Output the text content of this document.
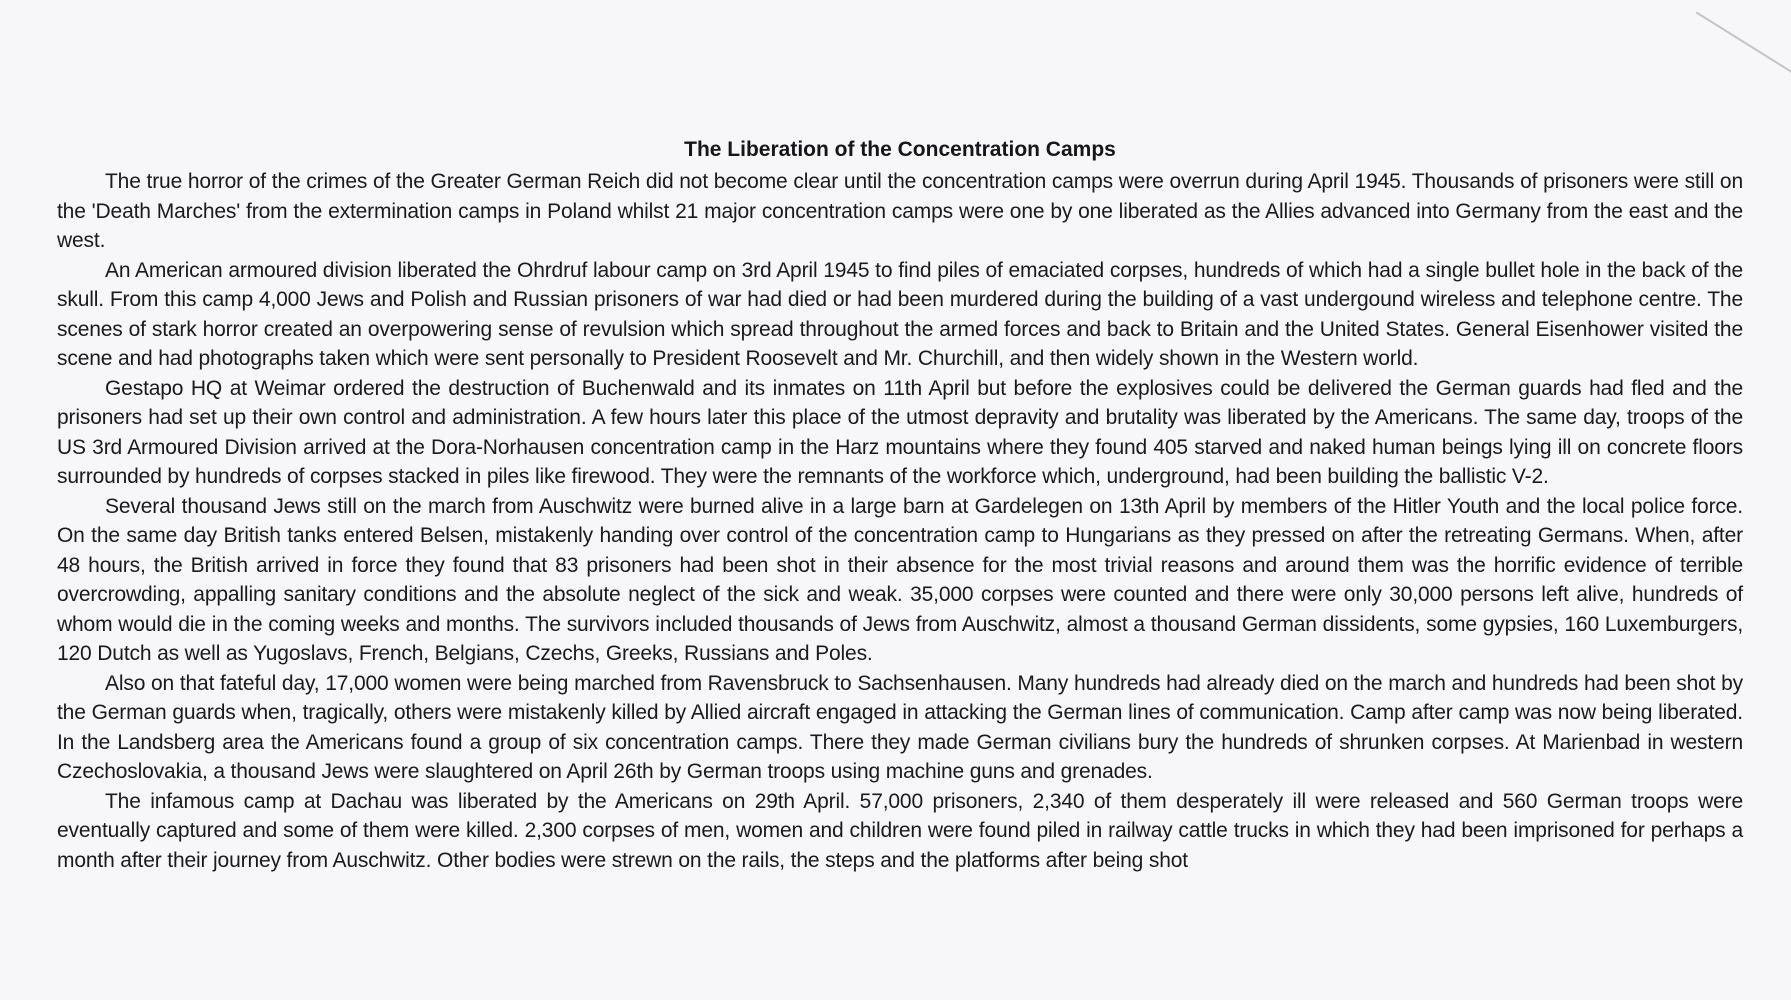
The Liberation of the Concentration Camps

The true horror of the crimes of the Greater German Reich did not become clear until the concentration camps were overrun during April 1945. Thousands of prisoners were still on the 'Death Marches' from the extermination camps in Poland whilst 21 major concentration camps were one by one liberated as the Allies advanced into Germany from the east and the west.

An American armoured division liberated the Ohrdruf labour camp on 3rd April 1945 to find piles of emaciated corpses, hundreds of which had a single bullet hole in the back of the skull. From this camp 4,000 Jews and Polish and Russian prisoners of war had died or had been murdered during the building of a vast undergound wireless and telephone centre. The scenes of stark horror created an overpowering sense of revulsion which spread throughout the armed forces and back to Britain and the United States. General Eisenhower visited the scene and had photographs taken which were sent personally to President Roosevelt and Mr. Churchill, and then widely shown in the Western world.

Gestapo HQ at Weimar ordered the destruction of Buchenwald and its inmates on 11th April but before the explosives could be delivered the German guards had fled and the prisoners had set up their own control and administration. A few hours later this place of the utmost depravity and brutality was liberated by the Americans. The same day, troops of the US 3rd Armoured Division arrived at the Dora-Norhausen concentration camp in the Harz mountains where they found 405 starved and naked human beings lying ill on concrete floors surrounded by hundreds of corpses stacked in piles like firewood. They were the remnants of the workforce which, underground, had been building the ballistic V-2.

Several thousand Jews still on the march from Auschwitz were burned alive in a large barn at Gardelegen on 13th April by members of the Hitler Youth and the local police force. On the same day British tanks entered Belsen, mistakenly handing over control of the concentration camp to Hungarians as they pressed on after the retreating Germans. When, after 48 hours, the British arrived in force they found that 83 prisoners had been shot in their absence for the most trivial reasons and around them was the horrific evidence of terrible overcrowding, appalling sanitary conditions and the absolute neglect of the sick and weak. 35,000 corpses were counted and there were only 30,000 persons left alive, hundreds of whom would die in the coming weeks and months. The survivors included thousands of Jews from Auschwitz, almost a thousand German dissidents, some gypsies, 160 Luxemburgers, 120 Dutch as well as Yugoslavs, French, Belgians, Czechs, Greeks, Russians and Poles.

Also on that fateful day, 17,000 women were being marched from Ravensbruck to Sachsenhausen. Many hundreds had already died on the march and hundreds had been shot by the German guards when, tragically, others were mistakenly killed by Allied aircraft engaged in attacking the German lines of communication. Camp after camp was now being liberated. In the Landsberg area the Americans found a group of six concentration camps. There they made German civilians bury the hundreds of shrunken corpses. At Marienbad in western Czechoslovakia, a thousand Jews were slaughtered on April 26th by German troops using machine guns and grenades.

The infamous camp at Dachau was liberated by the Americans on 29th April. 57,000 prisoners, 2,340 of them desperately ill were released and 560 German troops were eventually captured and some of them were killed. 2,300 corpses of men, women and children were found piled in railway cattle trucks in which they had been imprisoned for perhaps a month after their journey from Auschwitz. Other bodies were strewn on the rails, the steps and the platforms after being shot
